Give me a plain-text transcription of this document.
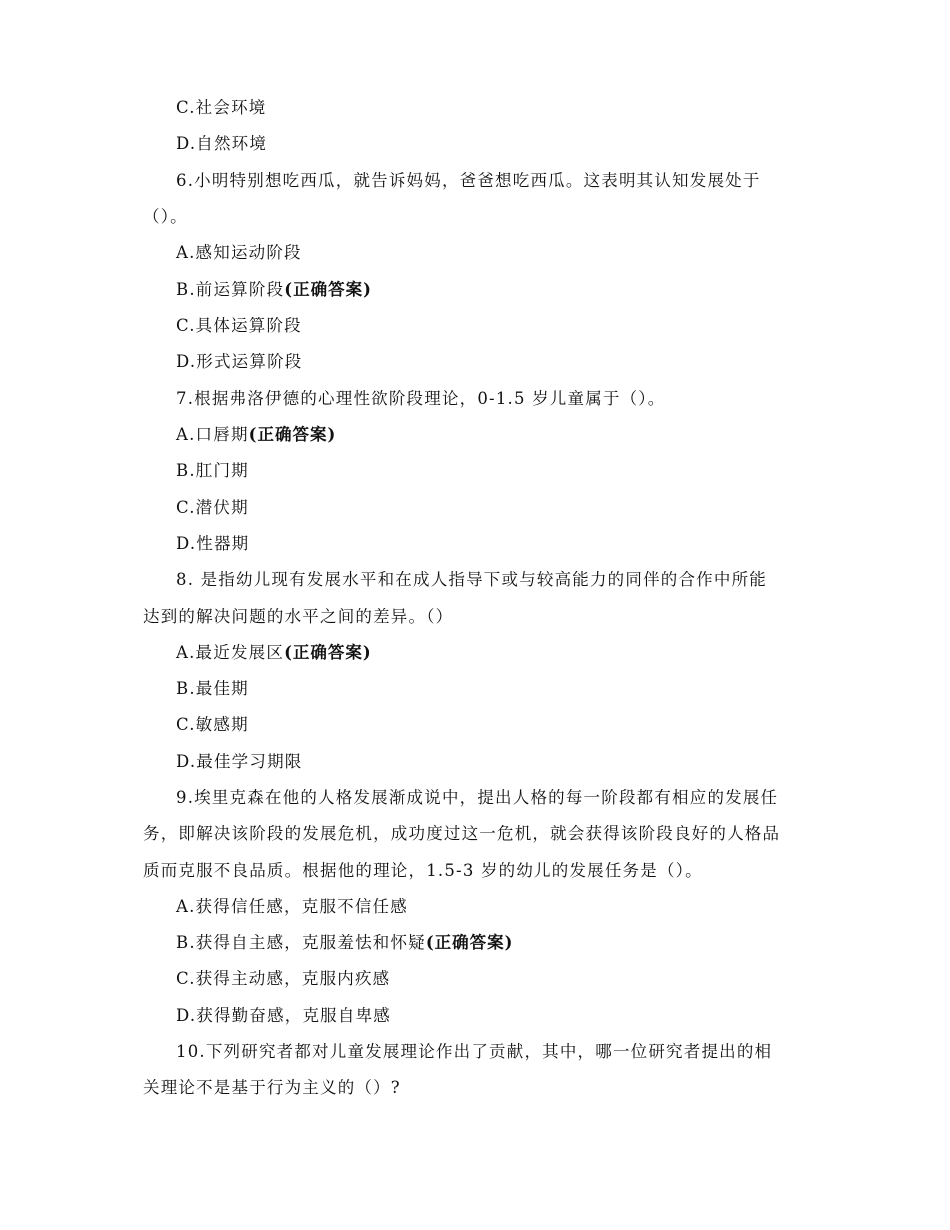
C.社会环境
D.自然环境
6.小明特别想吃西瓜，就告诉妈妈，爸爸想吃西瓜。这表明其认知发展处于
（）。
A.感知运动阶段
B.前运算阶段(正确答案)
C.具体运算阶段
D.形式运算阶段
7.根据弗洛伊德的心理性欲阶段理论，0-1.5 岁儿童属于（）。
A.口唇期(正确答案)
B.肛门期
C.潜伏期
D.性器期
8. 是指幼儿现有发展水平和在成人指导下或与较高能力的同伴的合作中所能
达到的解决问题的水平之间的差异。（）
A.最近发展区(正确答案)
B.最佳期
C.敏感期
D.最佳学习期限
9.埃里克森在他的人格发展渐成说中，提出人格的每一阶段都有相应的发展任
务，即解决该阶段的发展危机，成功度过这一危机，就会获得该阶段良好的人格品
质而克服不良品质。根据他的理论，1.5-3 岁的幼儿的发展任务是（）。
A.获得信任感，克服不信任感
B.获得自主感，克服羞怯和怀疑(正确答案)
C.获得主动感，克服内疚感
D.获得勤奋感，克服自卑感
10.下列研究者都对儿童发展理论作出了贡献，其中，哪一位研究者提出的相
关理论不是基于行为主义的（）?
